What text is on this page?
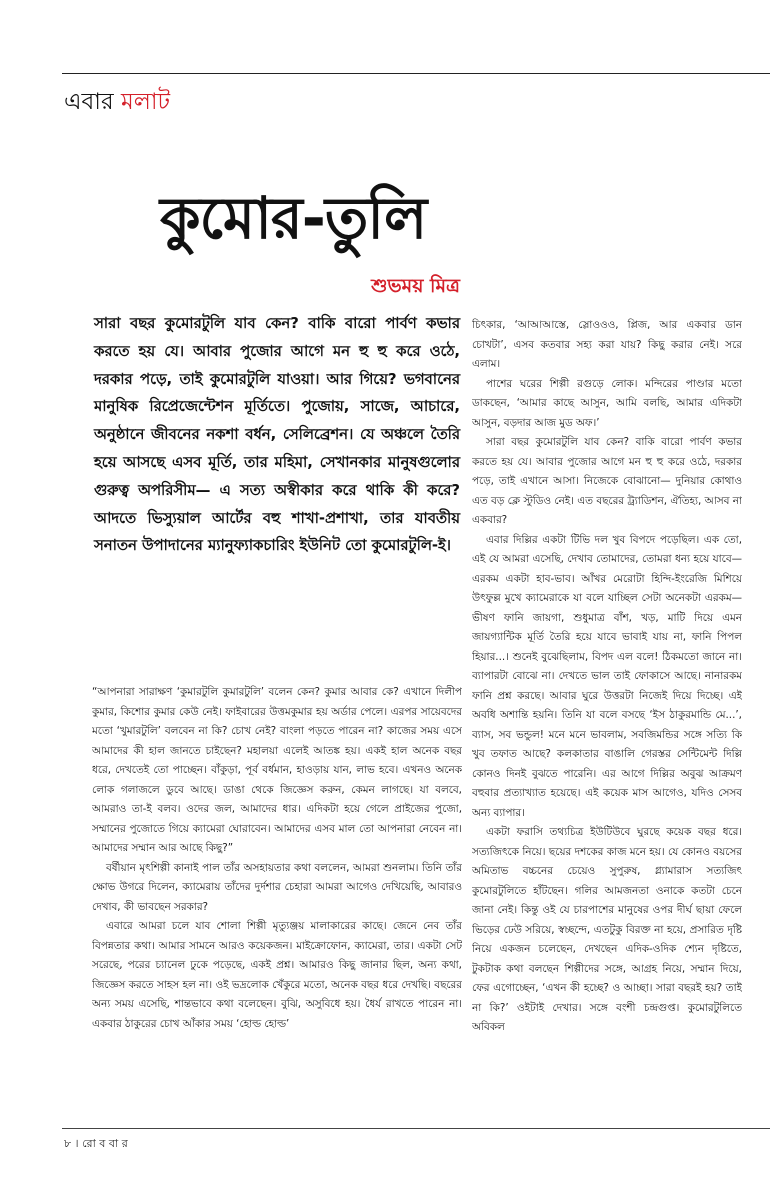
এবার মলাট
কুমোর-তুলি
শুভময় মিত্র

সারা বছর কুমোরটুলি যাব কেন? বাকি বারো পার্বণ কভার করতে হয় যে। আবার পুজোর আগে মন হু হু করে ওঠে, দরকার পড়ে, তাই কুমোরটুলি যাওয়া। আর গিয়ে? ভগবানের মানুষিক রিপ্রেজেন্টেশন মূর্তিতে। পুজোয়, সাজে, আচারে, অনুষ্ঠানে জীবনের নকশা বর্ধন, সেলিব্রেশন। যে অঞ্চলে তৈরি হয়ে আসছে এসব মূর্তি, তার মহিমা, সেখানকার মানুষগুলোর গুরুত্ব অপরিসীম— এ সত্য অস্বীকার করে থাকি কী করে? আদতে ভিস্যুয়াল আর্টের বহু শাখা-প্রশাখা, তার যাবতীয় সনাতন উপাদানের ম্যানুফ্যাকচারিং ইউনিট তো কুমোরটুলি-ই।

“আপনারা সারাক্ষণ ‘কুমারটুলি কুমারটুলি’ বলেন কেন? কুমার আবার কে? এখানে দিলীপ কুমার, কিশোর কুমার কেউ নেই। ফাইবারের উত্তমকুমার হয় অর্ডার পেলে। এরপর সায়েবদের মতো ‘খুমারটুলি’ বলবেন না কি? চোখ নেই? বাংলা পড়তে পারেন না? কাজের সময় এসে আমাদের কী হাল জানতে চাইছেন? মহালয়া এলেই আতঙ্ক হয়। একই হাল অনেক বছর ধরে, দেখতেই তো পাচ্ছেন। বাঁকুড়া, পূর্ব বর্ধমান, হাওড়ায় যান, লাভ হবে। এখনও অনেক লোক গলাজলে ডুবে আছে। ডাঙা থেকে জিজ্ঞেস করুন, কেমন লাগছে। যা বলবে, আমরাও তা-ই বলব। ওদের জল, আমাদের ধার। এদিকটা হয়ে গেলে প্রাইজের পুজো, সম্মানের পুজোতে গিয়ে ক্যামেরা ঘোরাবেন। আমাদের এসব মাল তো আপনারা নেবেন না। আমাদের সম্মান আর আছে কিছু?”

বর্ষীয়ান মৃৎশিল্পী কানাই পাল তাঁর অসহায়তার কথা বললেন, আমরা শুনলাম। তিনি তাঁর ক্ষোভ উগরে দিলেন, ক্যামেরায় তাঁদের দুর্দশার চেহারা আমরা আগেও দেখিয়েছি, আবারও দেখাব, কী ভাবছেন সরকার?

এবারে আমরা চলে যাব শোলা শিল্পী মৃত্যুঞ্জয় মালাকারের কাছে। জেনে নেব তাঁর বিপন্নতার কথা। আমার সামনে আরও কয়েকজন। মাইক্রোফোন, ক্যামেরা, তার। একটা সেট সরেছে, পরের চ্যানেল ঢুকে পড়েছে, একই প্রশ্ন। আমারও কিছু জানার ছিল, অন্য কথা, জিজ্ঞেস করতে সাহস হল না। ওই ভদ্রলোক খেঁকুরে মতো, অনেক বছর ধরে দেখছি। বছরের অন্য সময় এসেছি, শান্তভাবে কথা বলেছেন। বুঝি, অসুবিধে হয়। ধৈর্য রাখতে পারেন না। একবার ঠাকুরের চোখ আঁকার সময় ‘হোল্ড হোল্ড’

চিৎকার, ‘আআআস্তে, স্লোওওও, প্লিজ, আর একবার ডান চোখটা’, এসব কতবার সহ্য করা যায়? কিছু করার নেই। সরে এলাম।

পাশের ঘরের শিল্পী রগুড়ে লোক। মন্দিরের পাণ্ডার মতো ডাকছেন, ‘আমার কাছে আসুন, আমি বলছি, আমার এদিকটা আসুন, বড়দার আজ মুড অফ।’

সারা বছর কুমোরটুলি যাব কেন? বাকি বারো পার্বণ কভার করতে হয় যে। আবার পুজোর আগে মন হু হু করে ওঠে, দরকার পড়ে, তাই এখানে আসা। নিজেকে বোঝানো— দুনিয়ার কোথাও এত বড় ক্লে স্টুডিও নেই। এত বছরের ট্র্যাডিশন, ঐতিহ্য, আসব না একবার?

এবার দিল্লির একটা টিভি দল খুব বিপদে পড়েছিল। এক তো, এই যে আমরা এসেছি, দেখাব তোমাদের, তোমরা ধন্য হয়ে যাবে— এরকম একটা হাব-ভাব। আঁখর মেরোটা হিন্দি-ইংরেজি মিশিয়ে উৎফুল্ল মুখে ক্যামেরাকে যা বলে যাচ্ছিল সেটা অনেকটা এরকম— ভীষণ ফানি জায়গা, শুধুমাত্র বাঁশ, খড়, মাটি দিয়ে এমন জায়গ্যান্টিক মূর্তি তৈরি হয়ে যাবে ভাবাই যায় না, ফানি পিপল হিয়ার...। শুনেই বুঝেছিলাম, বিপদ এল বলে! ঠিকমতো জানে না। ব্যাপারটা বোঝে না। দেখতে ভাল তাই ফোকাসে আছে। নানারকম ফানি প্রশ্ন করছে। আবার ঘুরে উত্তরটা নিজেই দিয়ে দিচ্ছে। এই অবধি অশান্তি হয়নি। তিনি যা বলে বসছে ‘ইস ঠাকুরমান্ডি মে...’, ব্যাস, সব ভন্ডুল! মনে মনে ভাবলাম, সবজিমন্ডির সঙ্গে সত্যি কি খুব তফাত আছে? কলকাতার বাঙালি গেরস্তর সেন্টিমেন্ট দিল্লি কোনও দিনই বুঝতে পারেনি। এর আগে দিল্লির অবুঝ আক্রমণ বহুবার প্রত্যাখ্যাত হয়েছে। এই কয়েক মাস আগেও, যদিও সেসব অন্য ব্যাপার।

একটা ফরাসি তথ্যচিত্র ইউটিউবে ঘুরছে কয়েক বছর ধরে। সত্যজিৎকে নিয়ে। ছয়ের দশকের কাজ মনে হয়। যে কোনও বয়সের অমিতাভ বচ্চনের চেয়েও সুপুরুষ, গ্ল্যামারাস সত্যজিৎ কুমোরটুলিতে হাঁটছেন। গলির আমজনতা ওনাকে কতটা চেনে জানা নেই। কিন্তু ওই যে চারপাশের মানুষের ওপর দীর্ঘ ছায়া ফেলে ভিড়ের ঢেউ সরিয়ে, স্বচ্ছন্দে, এতটুকু বিরক্ত না হয়ে, প্রসারিত দৃষ্টি নিয়ে একজন চলেছেন, দেখছেন এদিক-ওদিক শ্যেন দৃষ্টিতে, টুকটাক কথা বলছেন শিল্পীদের সঙ্গে, আগ্রহ নিয়ে, সম্মান দিয়ে, ফের এগোচ্ছেন, ‘এখন কী হচ্ছে? ও আচ্ছা। সারা বছরই হয়? তাই না কি?’ ওইটাই দেখার। সঙ্গে বংশী চন্দ্রগুপ্ত। কুমোরটুলিতে অবিকল

৮ । রো ব বা র
